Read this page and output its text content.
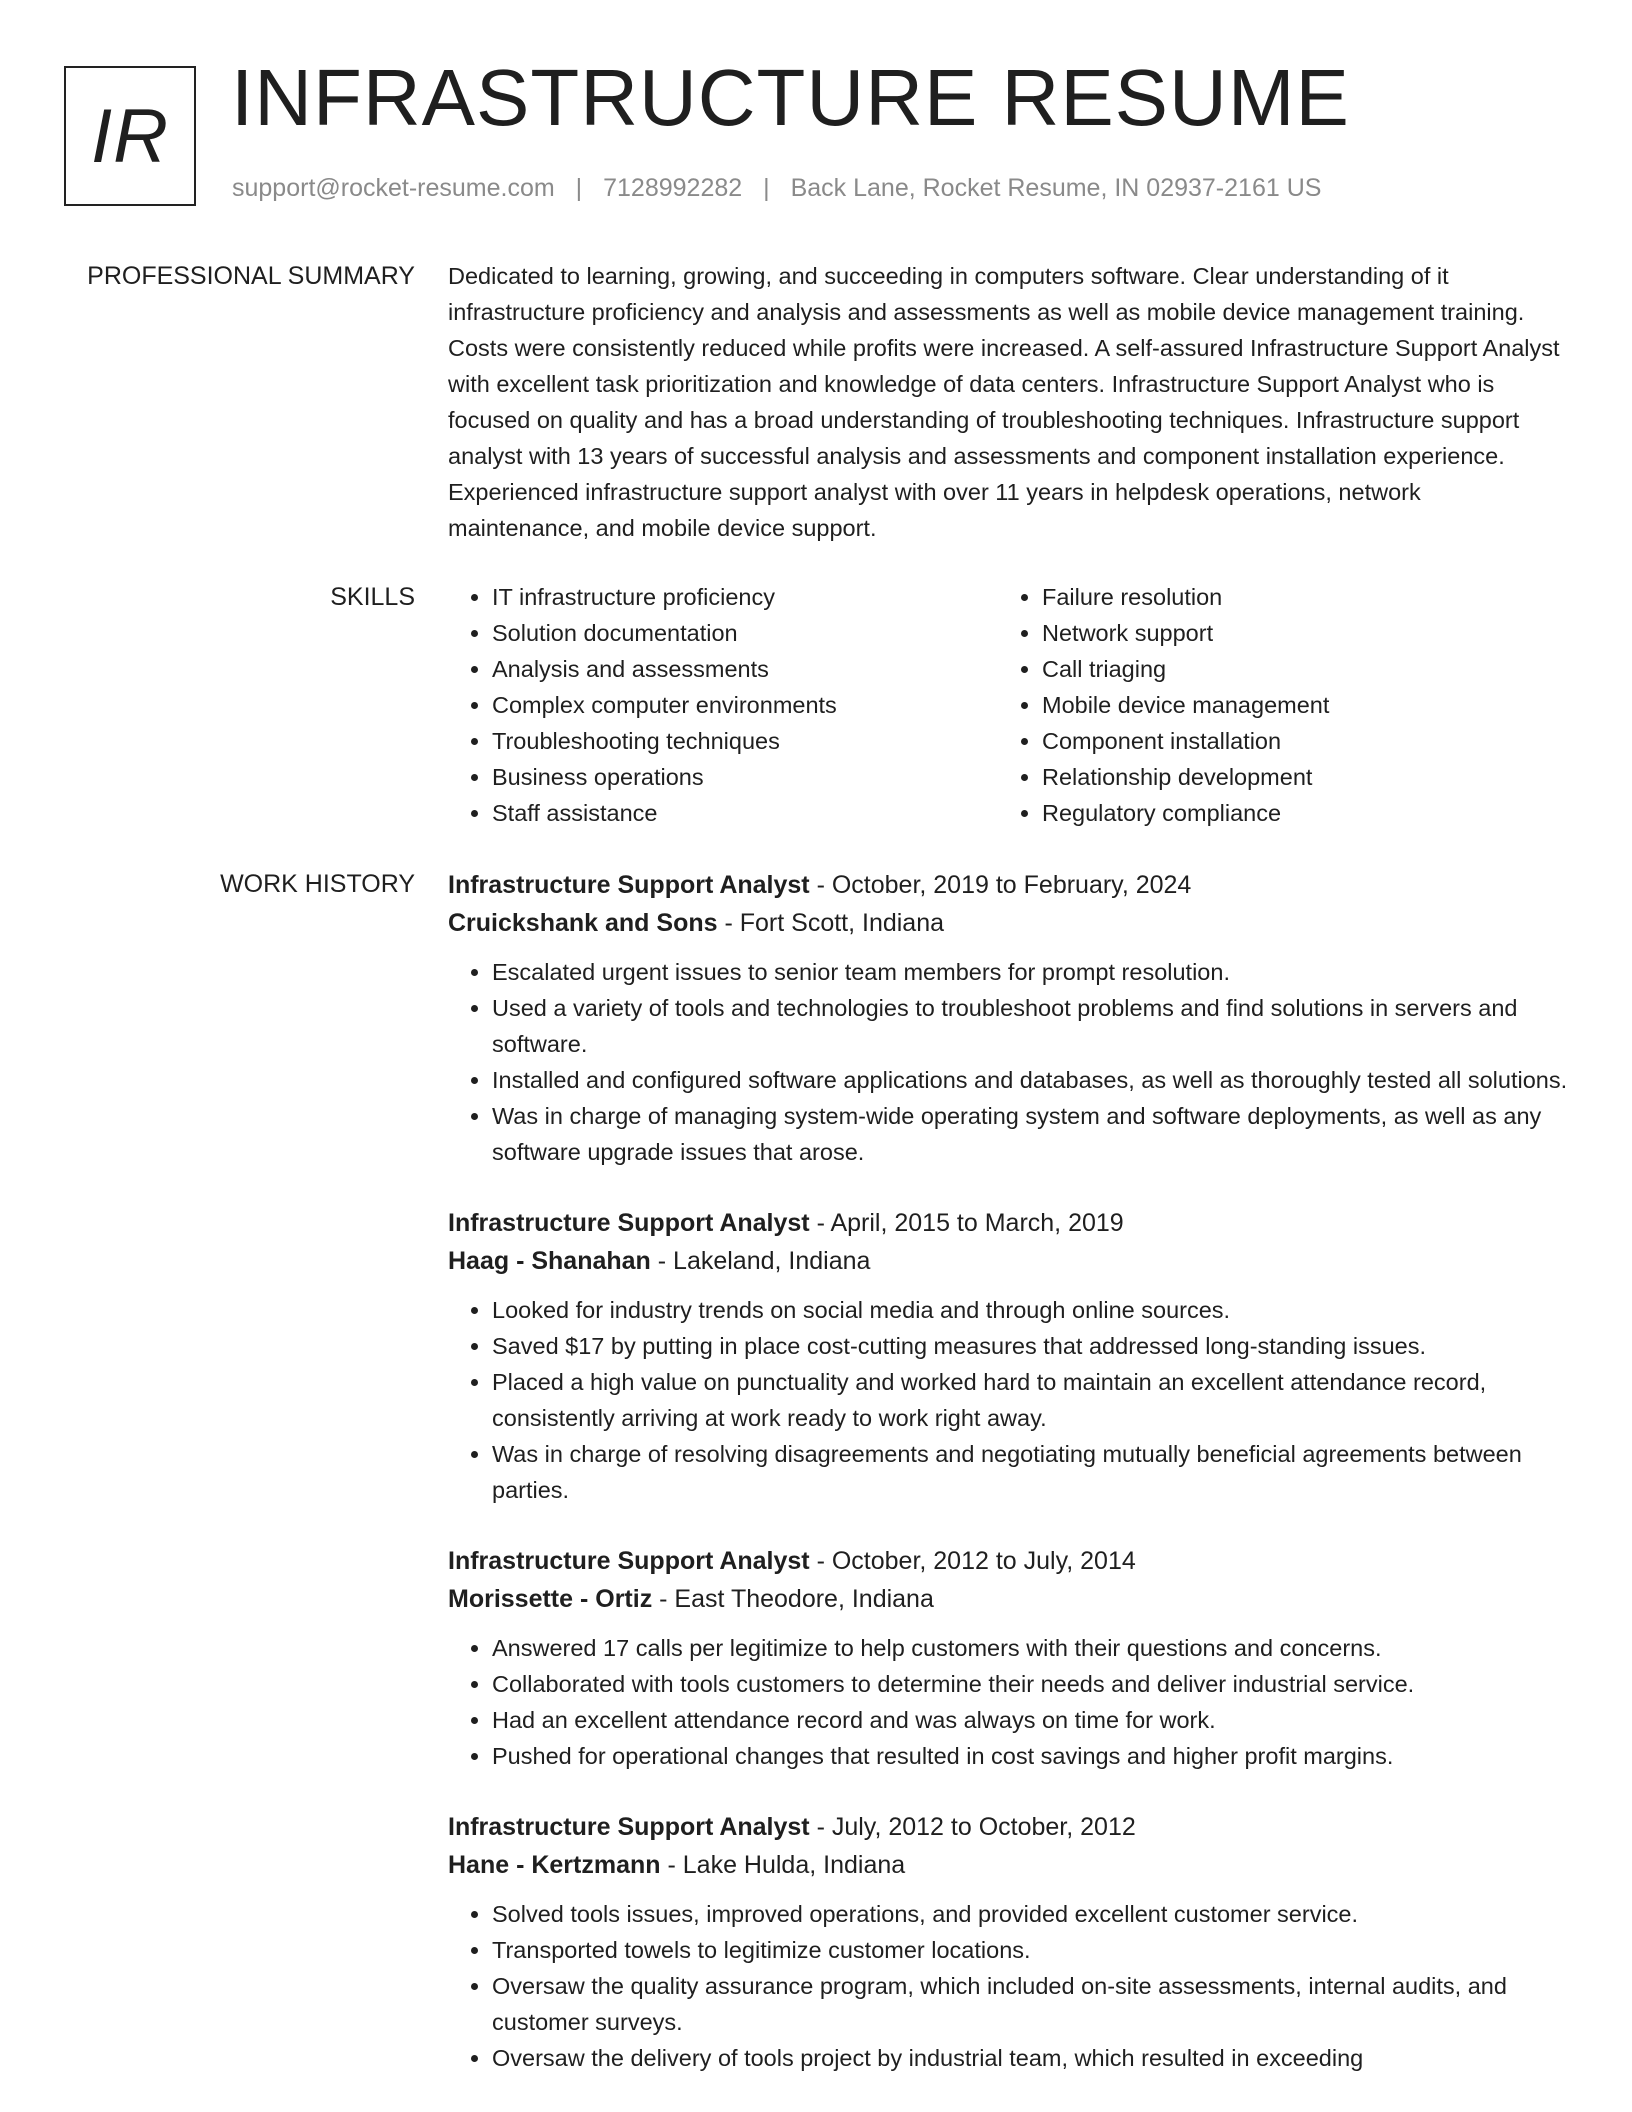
IR INFRASTRUCTURE RESUME
support@rocket-resume.com | 7128992282 | Back Lane, Rocket Resume, IN 02937-2161 US
PROFESSIONAL SUMMARY Dedicated to learning, growing, and succeeding in computers software. Clear understanding of it infrastructure proficiency and analysis and assessments as well as mobile device management training. Costs were consistently reduced while profits were increased. A self-assured Infrastructure Support Analyst with excellent task prioritization and knowledge of data centers. Infrastructure Support Analyst who is focused on quality and has a broad understanding of troubleshooting techniques. Infrastructure support analyst with 13 years of successful analysis and assessments and component installation experience. Experienced infrastructure support analyst with over 11 years in helpdesk operations, network maintenance, and mobile device support.

SKILLS
•	IT infrastructure proficiency
• Solution documentation
• Analysis and assessments
• Complex computer environments
• Troubleshooting techniques
• Business operations
• Staff assistance
• Failure resolution
• Network support
• Call triaging
• Mobile device management
• Component installation
• Relationship development
• Regulatory compliance
WORK HISTORY Infrastructure Support Analyst - October, 2019 to February, 2024
Cruickshank and Sons - Fort Scott, Indiana
• Escalated urgent issues to senior team members for prompt resolution.
• Used a variety of tools and technologies to troubleshoot problems and find solutions in servers and software.
• Installed and configured software applications and databases, as well as thoroughly tested all solutions.
• Was in charge of managing system-wide operating system and software deployments, as well as any software upgrade issues that arose.
Infrastructure Support Analyst - April, 2015 to March, 2019
Haag - Shanahan - Lakeland, Indiana
• Looked for industry trends on social media and through online sources.
• Saved $17 by putting in place cost-cutting measures that addressed long-standing issues.
• Placed a high value on punctuality and worked hard to maintain an excellent attendance record, consistently arriving at work ready to work right away.
• Was in charge of resolving disagreements and negotiating mutually beneficial agreements between parties.
Infrastructure Support Analyst - October, 2012 to July, 2014
Morissette - Ortiz - East Theodore, Indiana
• Answered 17 calls per legitimize to help customers with their questions and concerns.
• Collaborated with tools customers to determine their needs and deliver industrial service.
• Had an excellent attendance record and was always on time for work.
• Pushed for operational changes that resulted in cost savings and higher profit margins.
Infrastructure Support Analyst - July, 2012 to October, 2012
Hane - Kertzmann - Lake Hulda, Indiana
• Solved tools issues, improved operations, and provided excellent customer service.
• Transported towels to legitimize customer locations.
• Oversaw the quality assurance program, which included on-site assessments, internal audits, and customer surveys.
• Oversaw the delivery of tools project by industrial team, which resulted in exceeding
